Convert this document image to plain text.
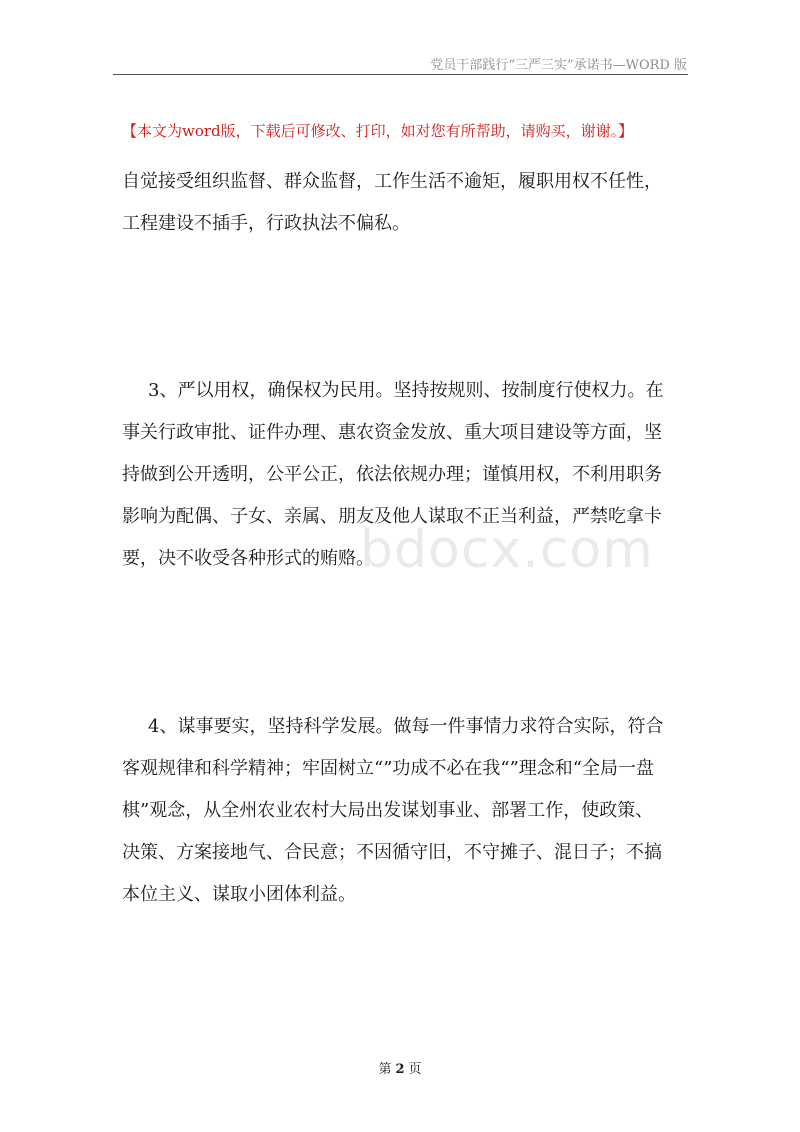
党员干部践行“三严三实”承诺书—WORD 版
【本文为word版，下载后可修改、打印，如对您有所帮助，请购买，谢谢。】
自觉接受组织监督、群众监督，工作生活不逾矩，履职用权不任性，
工程建设不插手，行政执法不偏私。
3、严以用权，确保权为民用。坚持按规则、按制度行使权力。在
事关行政审批、证件办理、惠农资金发放、重大项目建设等方面，坚
持做到公开透明，公平公正，依法依规办理；谨慎用权，不利用职务
影响为配偶、子女、亲属、朋友及他人谋取不正当利益，严禁吃拿卡
要，决不收受各种形式的贿赂。
bdocx.com
4、谋事要实，坚持科学发展。做每一件事情力求符合实际，符合
客观规律和科学精神；牢固树立“”功成不必在我“”理念和“全局一盘
棋”观念，从全州农业农村大局出发谋划事业、部署工作，使政策、
决策、方案接地气、合民意；不因循守旧，不守摊子、混日子；不搞
本位主义、谋取小团体利益。
第 2 页
